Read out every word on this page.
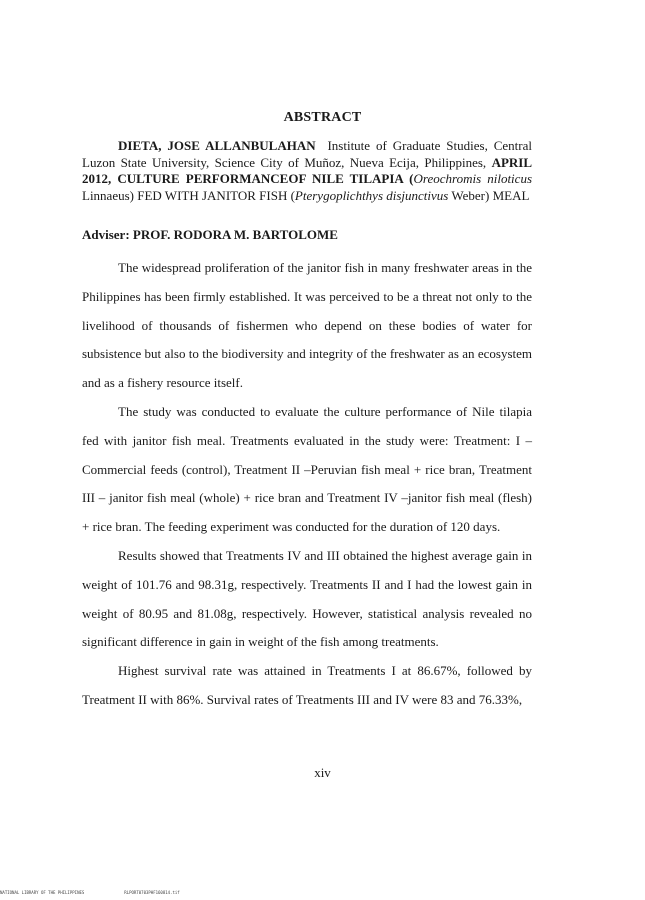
ABSTRACT
DIETA, JOSE ALLANBULAHAN Institute of Graduate Studies, Central Luzon State University, Science City of Muñoz, Nueva Ecija, Philippines, APRIL 2012, CULTURE PERFORMANCEOF NILE TILAPIA (Oreochromis niloticus Linnaeus) FED WITH JANITOR FISH (Pterygoplichthys disjunctivus Weber) MEAL
Adviser: PROF. RODORA M. BARTOLOME

The widespread proliferation of the janitor fish in many freshwater areas in the Philippines has been firmly established. It was perceived to be a threat not only to the livelihood of thousands of fishermen who depend on these bodies of water for subsistence but also to the biodiversity and integrity of the freshwater as an ecosystem and as a fishery resource itself.

The study was conducted to evaluate the culture performance of Nile tilapia fed with janitor fish meal. Treatments evaluated in the study were: Treatment: I –Commercial feeds (control), Treatment II –Peruvian fish meal + rice bran, Treatment III – janitor fish meal (whole) + rice bran and Treatment IV –janitor fish meal (flesh) + rice bran. The feeding experiment was conducted for the duration of 120 days.

Results showed that Treatments IV and III obtained the highest average gain in weight of 101.76 and 98.31g, respectively. Treatments II and I had the lowest gain in weight of 80.95 and 81.08g, respectively. However, statistical analysis revealed no significant difference in gain in weight of the fish among treatments.

Highest survival rate was attained in Treatments I at 86.67%, followed by Treatment II with 86%. Survival rates of Treatments III and IV were 83 and 76.33%,

xiv
NATIONAL LIBRARY OF THE PHILIPPINES	RLPORT0703PHF160814.tif
